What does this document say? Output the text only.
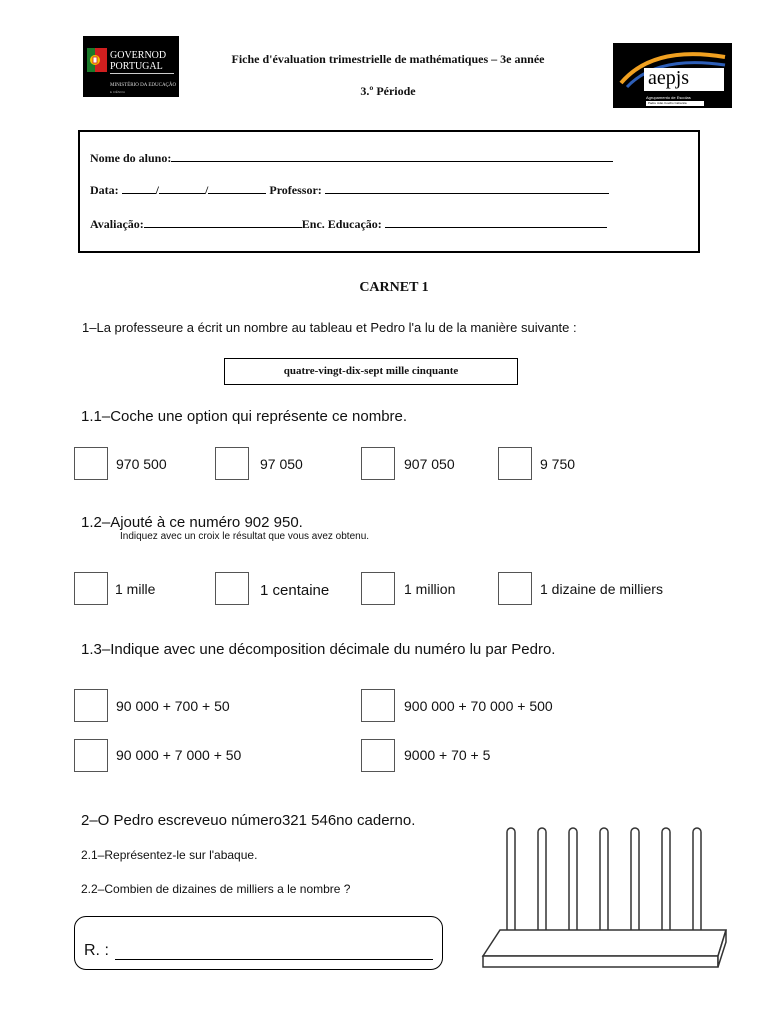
GOVERNOD
PORTUGAL
MINISTÉRIO DA EDUCAÇÃO
E CIÊNCIA
Fiche d'évaluation trimestrielle de mathématiques – 3e année
3.º Période
aepjs
Agrupamento de Escolas
Padre João Coelho Cabanita
Nome do aluno:
Data:	/	/	Professor:
Avaliação:	Enc. Educação:
CARNET 1
1–La professeure a écrit un nombre au tableau et Pedro l'a lu de la manière suivante :
quatre-vingt-dix-sept mille cinquante
1.1–Coche une option qui représente ce nombre.
970 500	97 050	907 050	9 750
1.2–Ajouté à ce numéro 902 950.
Indiquez avec un croix le résultat que vous avez obtenu.
1 mille	1 centaine	1 million	1 dizaine de milliers
1.3–Indique avec une décomposition décimale du numéro lu par Pedro.
90 000 + 700 + 50	900 000 + 70 000 + 500
90 000 + 7 000 + 50	9000 + 70 + 5
2–O Pedro escreveuo número321 546no caderno.
2.1–Représentez-le sur l'abaque.
2.2–Combien de dizaines de milliers a le nombre ?
R. :
